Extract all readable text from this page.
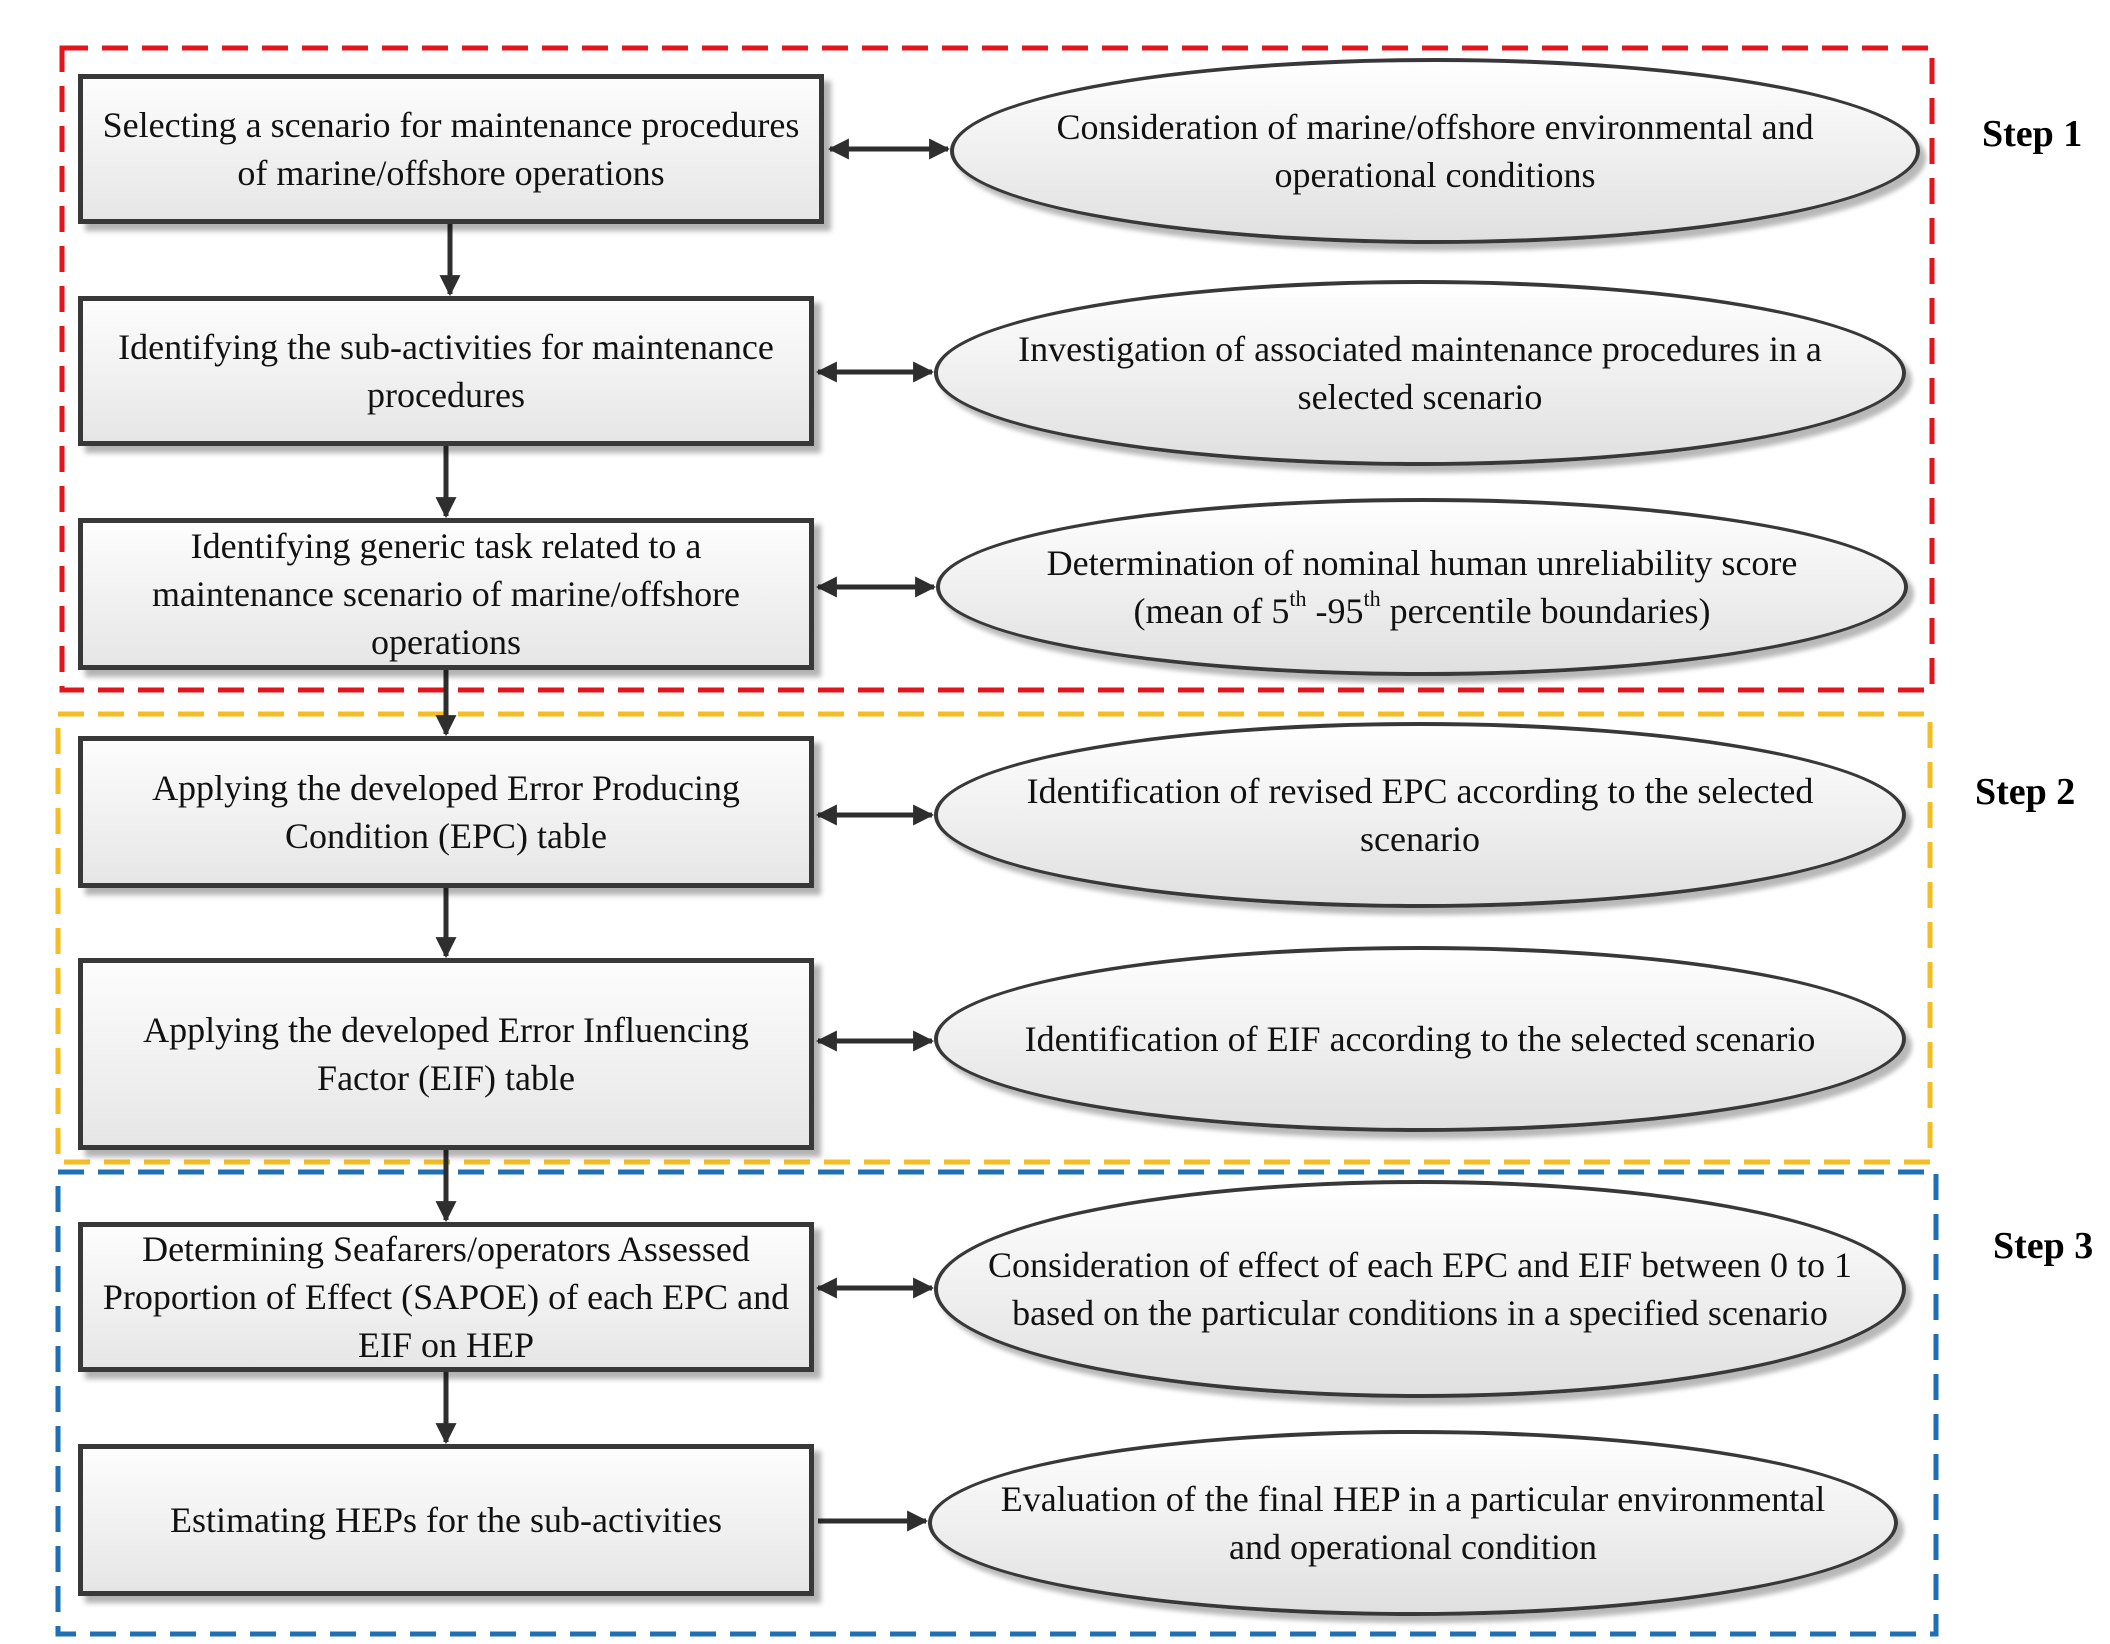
Step 1
Step 2
Step 3
Selecting a scenario for maintenance procedures of marine/offshore operations
Consideration of marine/offshore environmental and operational conditions
Identifying the sub-activities for maintenance procedures
Investigation of associated maintenance procedures in a selected scenario
Identifying generic task related to a maintenance scenario of marine/offshore operations
Determination of nominal human unreliability score
(mean of 5th -95th percentile boundaries)
Applying the developed Error Producing Condition (EPC) table
Identification of revised EPC according to the selected scenario
Applying the developed Error Influencing Factor (EIF) table
Identification of EIF according to the selected scenario
Determining Seafarers/operators Assessed Proportion of Effect (SAPOE) of each EPC and EIF on HEP
Consideration of effect of each EPC and EIF between 0 to 1 based on the particular conditions in a specified scenario
Estimating HEPs for the sub-activities
Evaluation of the final HEP in a particular environmental and operational condition
